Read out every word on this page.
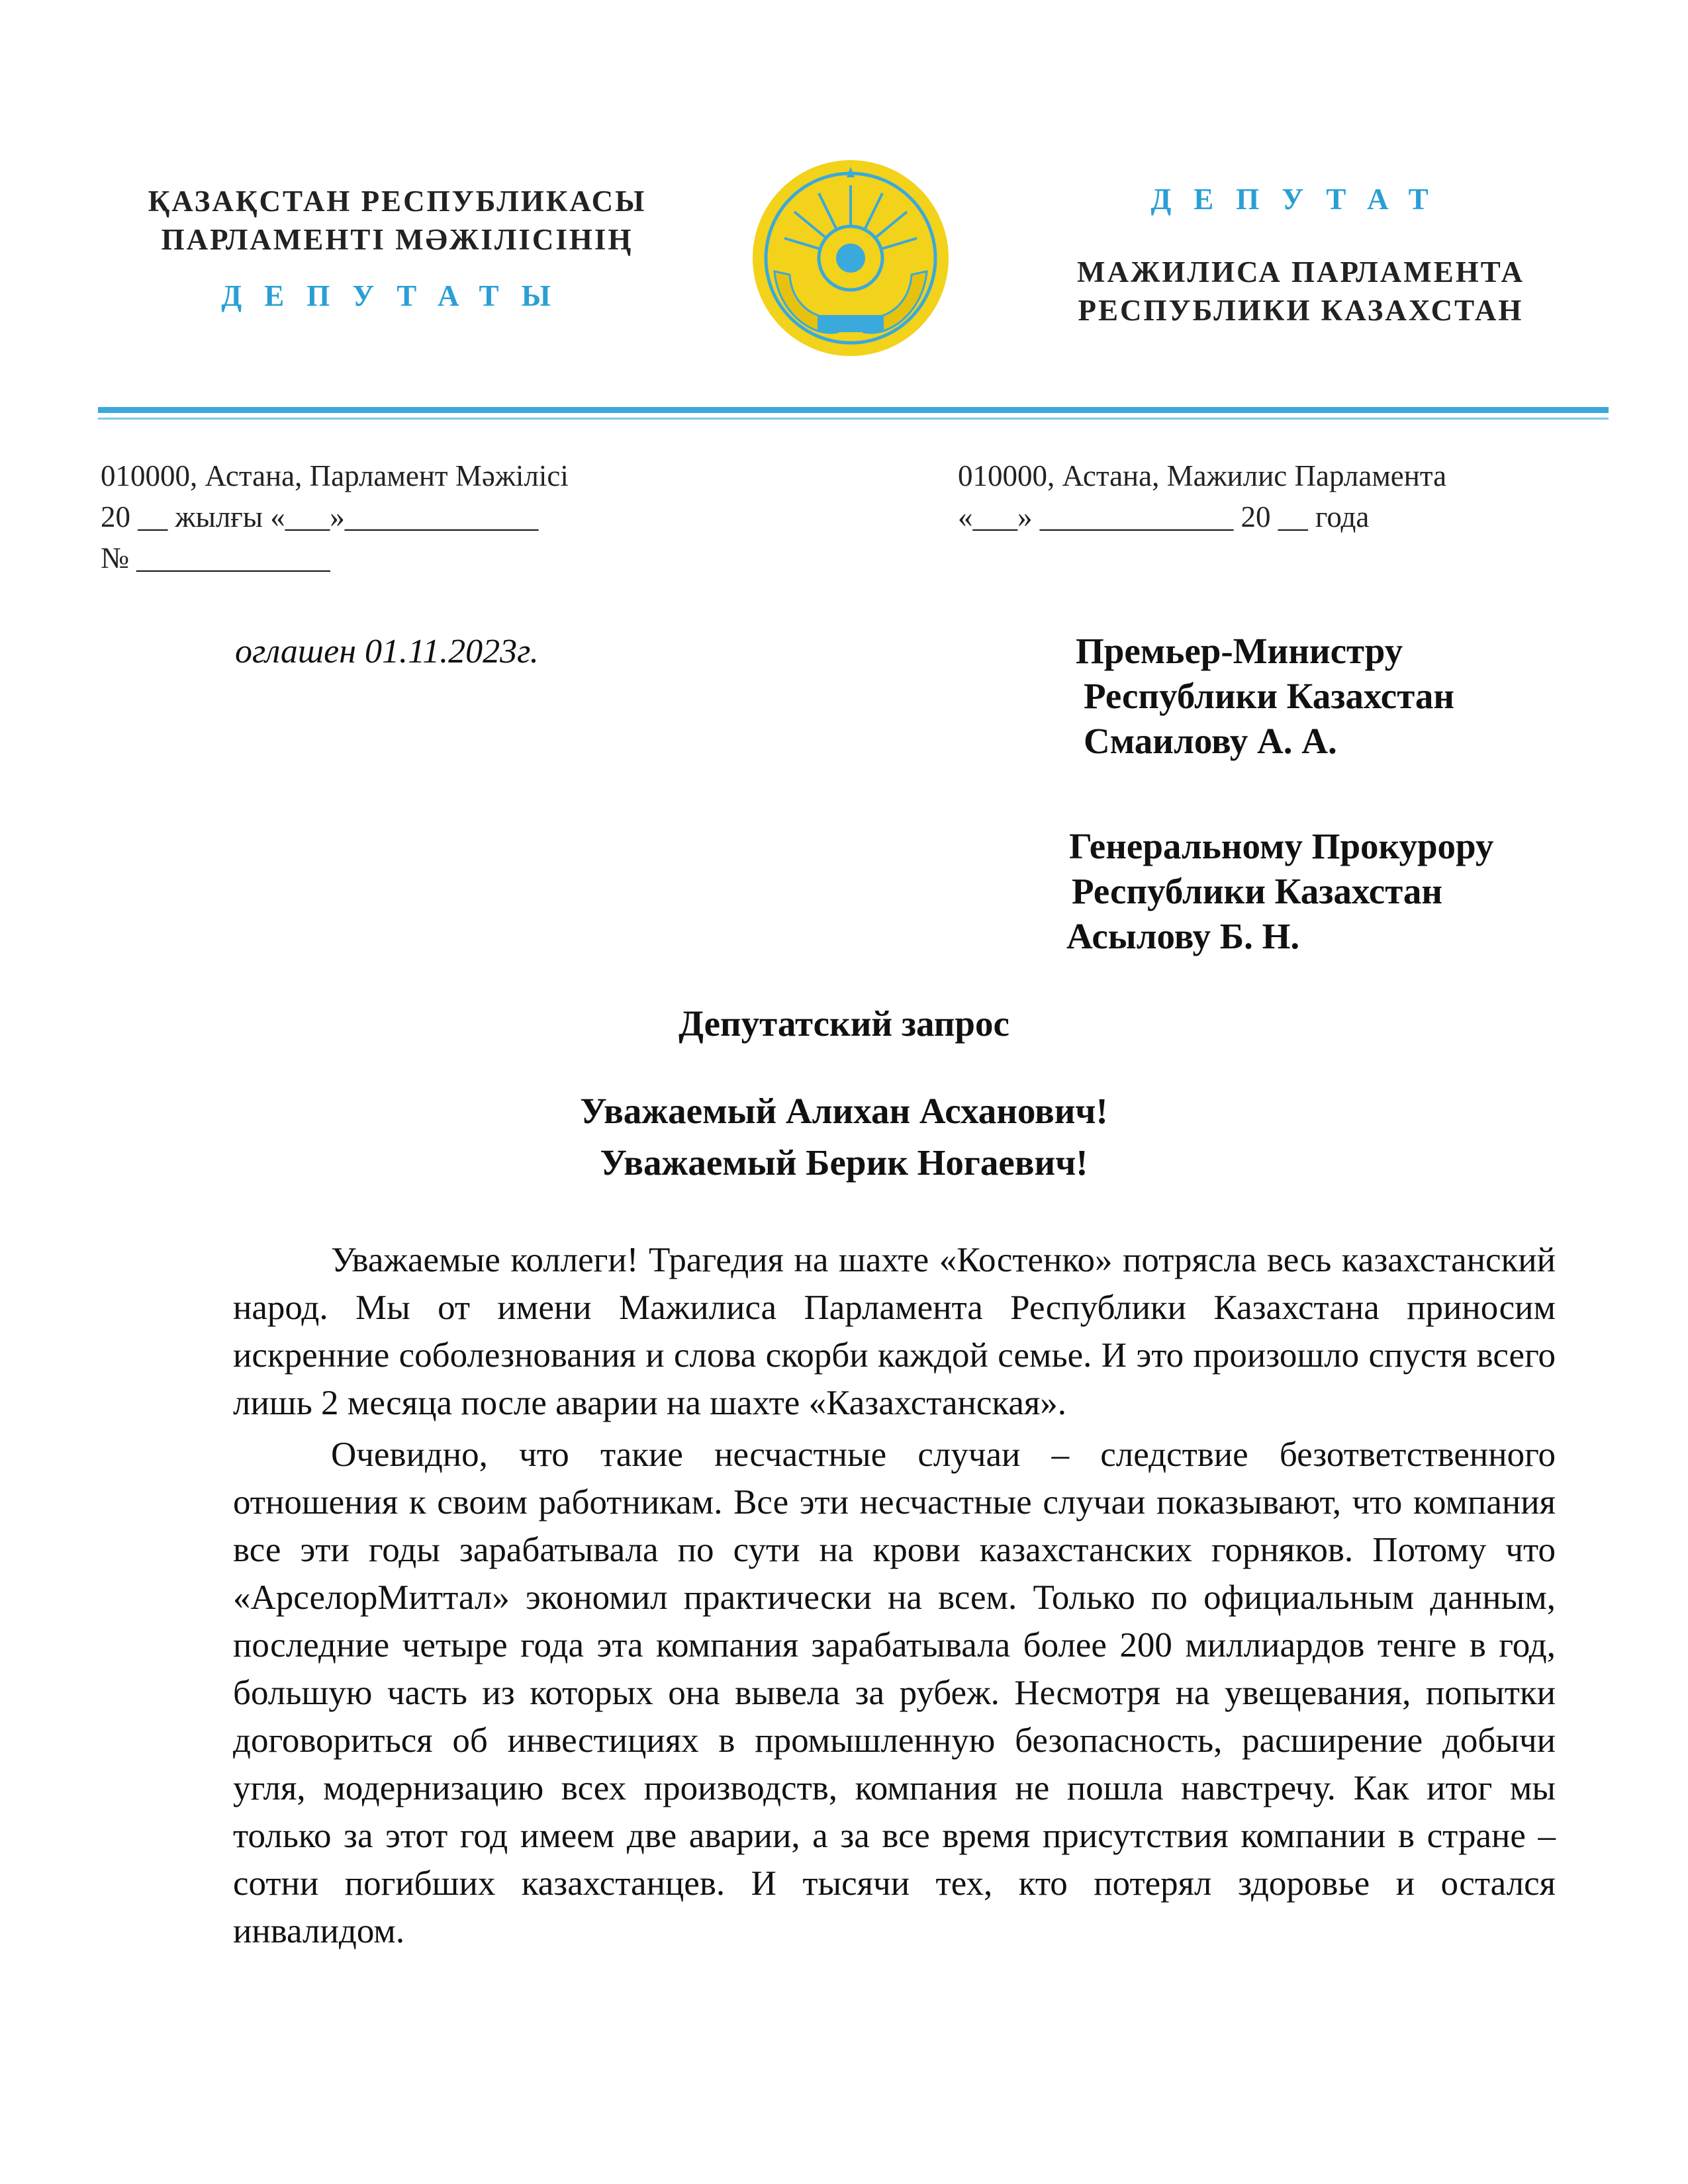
ҚАЗАҚСТАН РЕСПУБЛИКАСЫ
ПАРЛАМЕНТІ МӘЖІЛІСІНІҢ
ДЕПУТАТЫ
ДЕПУТАТ
МАЖИЛИСА ПАРЛАМЕНТА
РЕСПУБЛИКИ КАЗАХСТАН
010000, Астана, Парламент Мәжілісі
20 __ жылғы «___»_____________
№ _____________
010000, Астана, Мажилис Парламента
«___» _____________ 20 __ года
оглашен 01.11.2023г.	Премьер-Министру
Республики Казахстан
Смаилову А. А.
Генеральному Прокурору
Республики Казахстан
Асылову Б. Н.
Депутатский запрос
Уважаемый Алихан Асханович!
Уважаемый Берик Ногаевич!

Уважаемые коллеги! Трагедия на шахте «Костенко» потрясла весь казахстанский народ. Мы от имени Мажилиса Парламента Республики Казахстана приносим искренние соболезнования и слова скорби каждой семье. И это произошло спустя всего лишь 2 месяца после аварии на шахте «Казахстанская».

Очевидно, что такие несчастные случаи – следствие безответственного отношения к своим работникам. Все эти несчастные случаи показывают, что компания все эти годы зарабатывала по сути на крови казахстанских горняков. Потому что «АрселорМиттал» экономил практически на всем. Только по официальным данным, последние четыре года эта компания зарабатывала более 200 миллиардов тенге в год, большую часть из которых она вывела за рубеж. Несмотря на увещевания, попытки договориться об инвестициях в промышленную безопасность, расширение добычи угля, модернизацию всех производств, компания не пошла навстречу. Как итог мы только за этот год имеем две аварии, а за все время присутствия компании в стране – сотни погибших казахстанцев. И тысячи тех, кто потерял здоровье и остался инвалидом.
